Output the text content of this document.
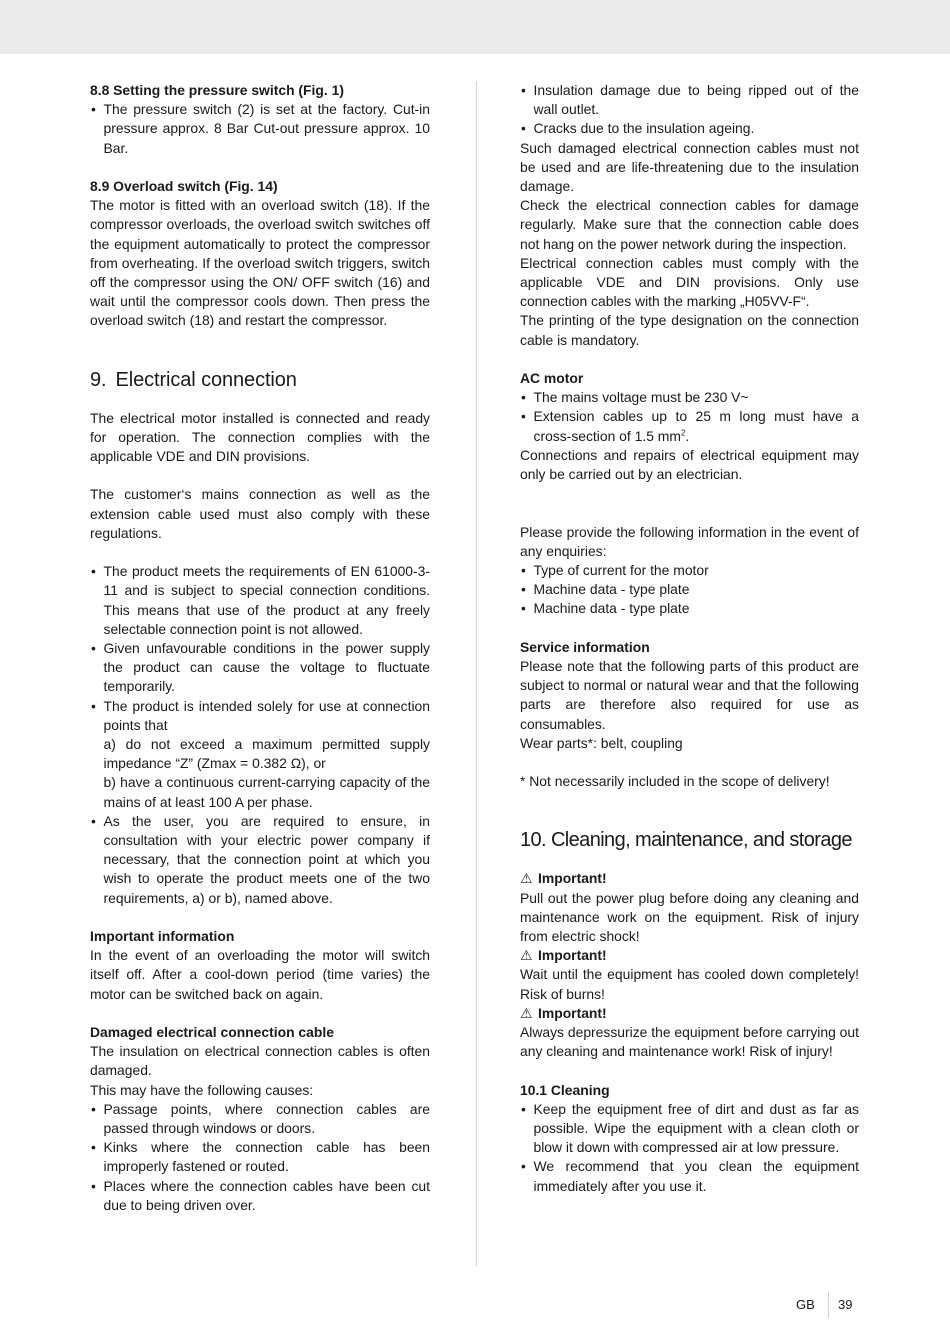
8.8 Setting the pressure switch (Fig. 1)

• The pressure switch (2) is set at the factory. Cut-in pressure approx. 8 Bar Cut-out pressure approx. 10 Bar.

8.9 Overload switch (Fig. 14)

The motor is fitted with an overload switch (18). If the compressor overloads, the overload switch switches off the equipment automatically to protect the compressor from overheating. If the overload switch triggers, switch off the compressor using the ON/ OFF switch (16) and wait until the compressor cools down. Then press the overload switch (18) and restart the compressor.

9. Electrical connection

The electrical motor installed is connected and ready for operation. The connection complies with the applicable VDE and DIN provisions.

The customer‘s mains connection as well as the extension cable used must also comply with these regulations.

• The product meets the requirements of EN 61000-3-11 and is subject to special connection conditions. This means that use of the product at any freely selectable connection point is not allowed.
• Given unfavourable conditions in the power supply the product can cause the voltage to fluctuate temporarily.

• The product is intended solely for use at connection points that

a) do not exceed a maximum permitted supply impedance “Z” (Zmax = 0.382 Ω), or

b) have a continuous current-carrying capacity of the mains of at least 100 A per phase.

• As the user, you are required to ensure, in consultation with your electric power company if necessary, that the connection point at which you wish to operate the product meets one of the two requirements, a) or b), named above.

Important information

In the event of an overloading the motor will switch itself off. After a cool-down period (time varies) the motor can be switched back on again.

Damaged electrical connection cable

The insulation on electrical connection cables is often damaged.

This may have the following causes:

• Passage points, where connection cables are passed through windows or doors.
• Kinks where the connection cable has been improperly fastened or routed.
• Places where the connection cables have been cut due to being driven over.
• Insulation damage due to being ripped out of the wall outlet.
• Cracks due to the insulation ageing.

Such damaged electrical connection cables must not be used and are life-threatening due to the insulation damage.

Check the electrical connection cables for damage regularly. Make sure that the connection cable does not hang on the power network during the inspection.

Electrical connection cables must comply with the applicable VDE and DIN provisions. Only use connection cables with the marking „H05VV-F“.

The printing of the type designation on the connection cable is mandatory.

AC motor

• The mains voltage must be 230 V~
• Extension cables up to 25 m long must have a cross-section of 1.5 $mm^2$.

Connections and repairs of electrical equipment may only be carried out by an electrician.

Please provide the following information in the event of any enquiries:

• Type of current for the motor
• Machine data - type plate
• Machine data - type plate

Service information

Please note that the following parts of this product are subject to normal or natural wear and that the following parts are therefore also required for use as consumables.

Wear parts*: belt, coupling

* Not necessarily included in the scope of delivery!

10. Cleaning, maintenance, and storage

⚠ Important!

Pull out the power plug before doing any cleaning and maintenance work on the equipment. Risk of injury from electric shock!

⚠ Important!

Wait until the equipment has cooled down completely! Risk of burns!

⚠ Important!

Always depressurize the equipment before carrying out any cleaning and maintenance work! Risk of injury!

10.1 Cleaning

• Keep the equipment free of dirt and dust as far as possible. Wipe the equipment with a clean cloth or blow it down with compressed air at low pressure.
• We recommend that you clean the equipment immediately after you use it.
GB 39
